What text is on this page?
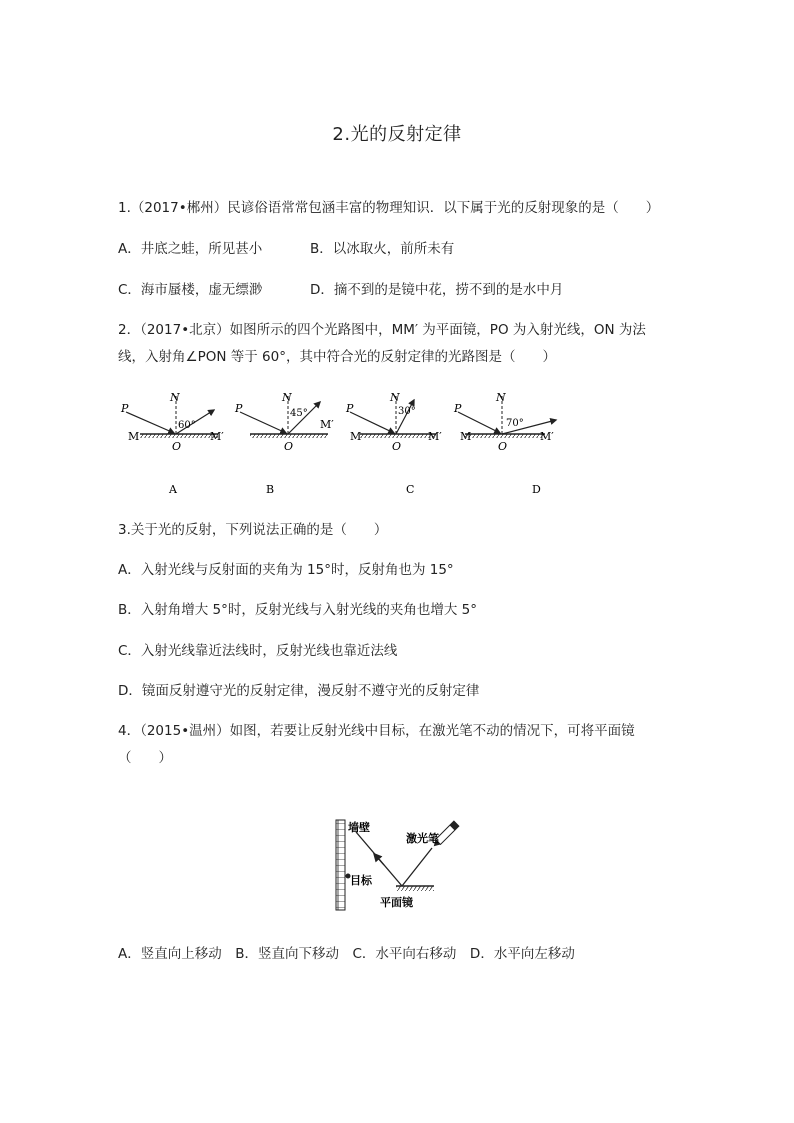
2.光的反射定律
1.（2017•郴州）民谚俗语常常包涵丰富的物理知识．以下属于光的反射现象的是（　　）
A．井底之蛙，所见甚小	B．以冰取火，前所未有
C．海市蜃楼，虚无缥渺	D．摘不到的是镜中花，捞不到的是水中月
2．（2017•北京）如图所示的四个光路图中，MM′ 为平面镜，PO 为入射光线，ON 为法
线，入射角∠PON 等于 60°，其中符合光的反射定律的光路图是（　　）
P
N
60°
O
M	M′
A
P
N
45°
O
M′
B
P
N
30°
O
M	M′
C
P
N
70°
O
M	M′
D
3.关于光的反射，下列说法正确的是（　　）
A．入射光线与反射面的夹角为 15°时，反射角也为 15°
B．入射角增大 5°时，反射光线与入射光线的夹角也增大 5°
C．入射光线靠近法线时，反射光线也靠近法线
D．镜面反射遵守光的反射定律，漫反射不遵守光的反射定律
4．（2015•温州）如图，若要让反射光线中目标，在激光笔不动的情况下，可将平面镜
（　　）
墙壁
激光笔
目标
平面镜
A．竖直向上移动　B．竖直向下移动　C．水平向右移动　D．水平向左移动
